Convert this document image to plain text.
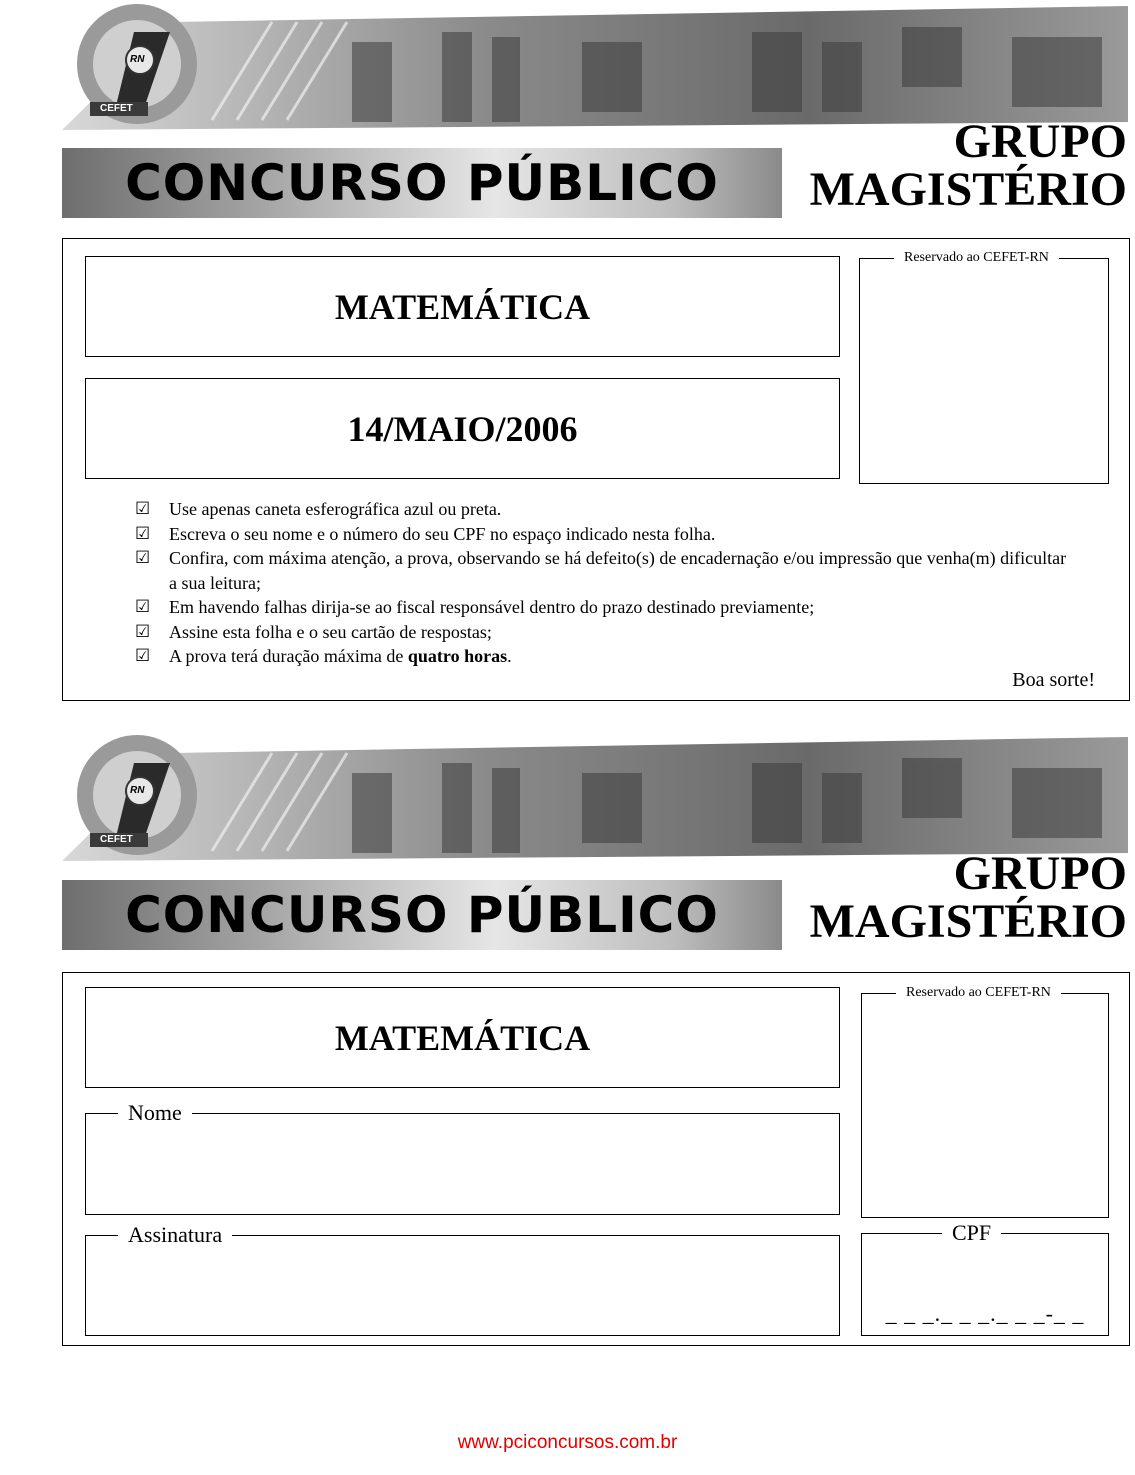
RN
CEFET
GRUPO
MAGISTÉRIO
CONCURSO PÚBLICO
MATEMÁTICA
14/MAIO/2006
Reservado ao CEFET-RN
☑ Use apenas caneta esferográfica azul ou preta.
☑ Escreva o seu nome e o número do seu CPF no espaço indicado nesta folha.
☑ Confira, com máxima atenção, a prova, observando se há defeito(s) de encadernação e/ou impressão que venha(m) dificultar a sua leitura;
☑ Em havendo falhas dirija-se ao fiscal responsável dentro do prazo destinado previamente;
☑ Assine esta folha e o seu cartão de respostas;
☑ A prova terá duração máxima de quatro horas.
Boa sorte!
RN
CEFET
GRUPO
MAGISTÉRIO
CONCURSO PÚBLICO
MATEMÁTICA
Nome
Assinatura
Reservado ao CEFET-RN
CPF
_ _ _._ _ _._ _ _-_ _
www.pciconcursos.com.br
